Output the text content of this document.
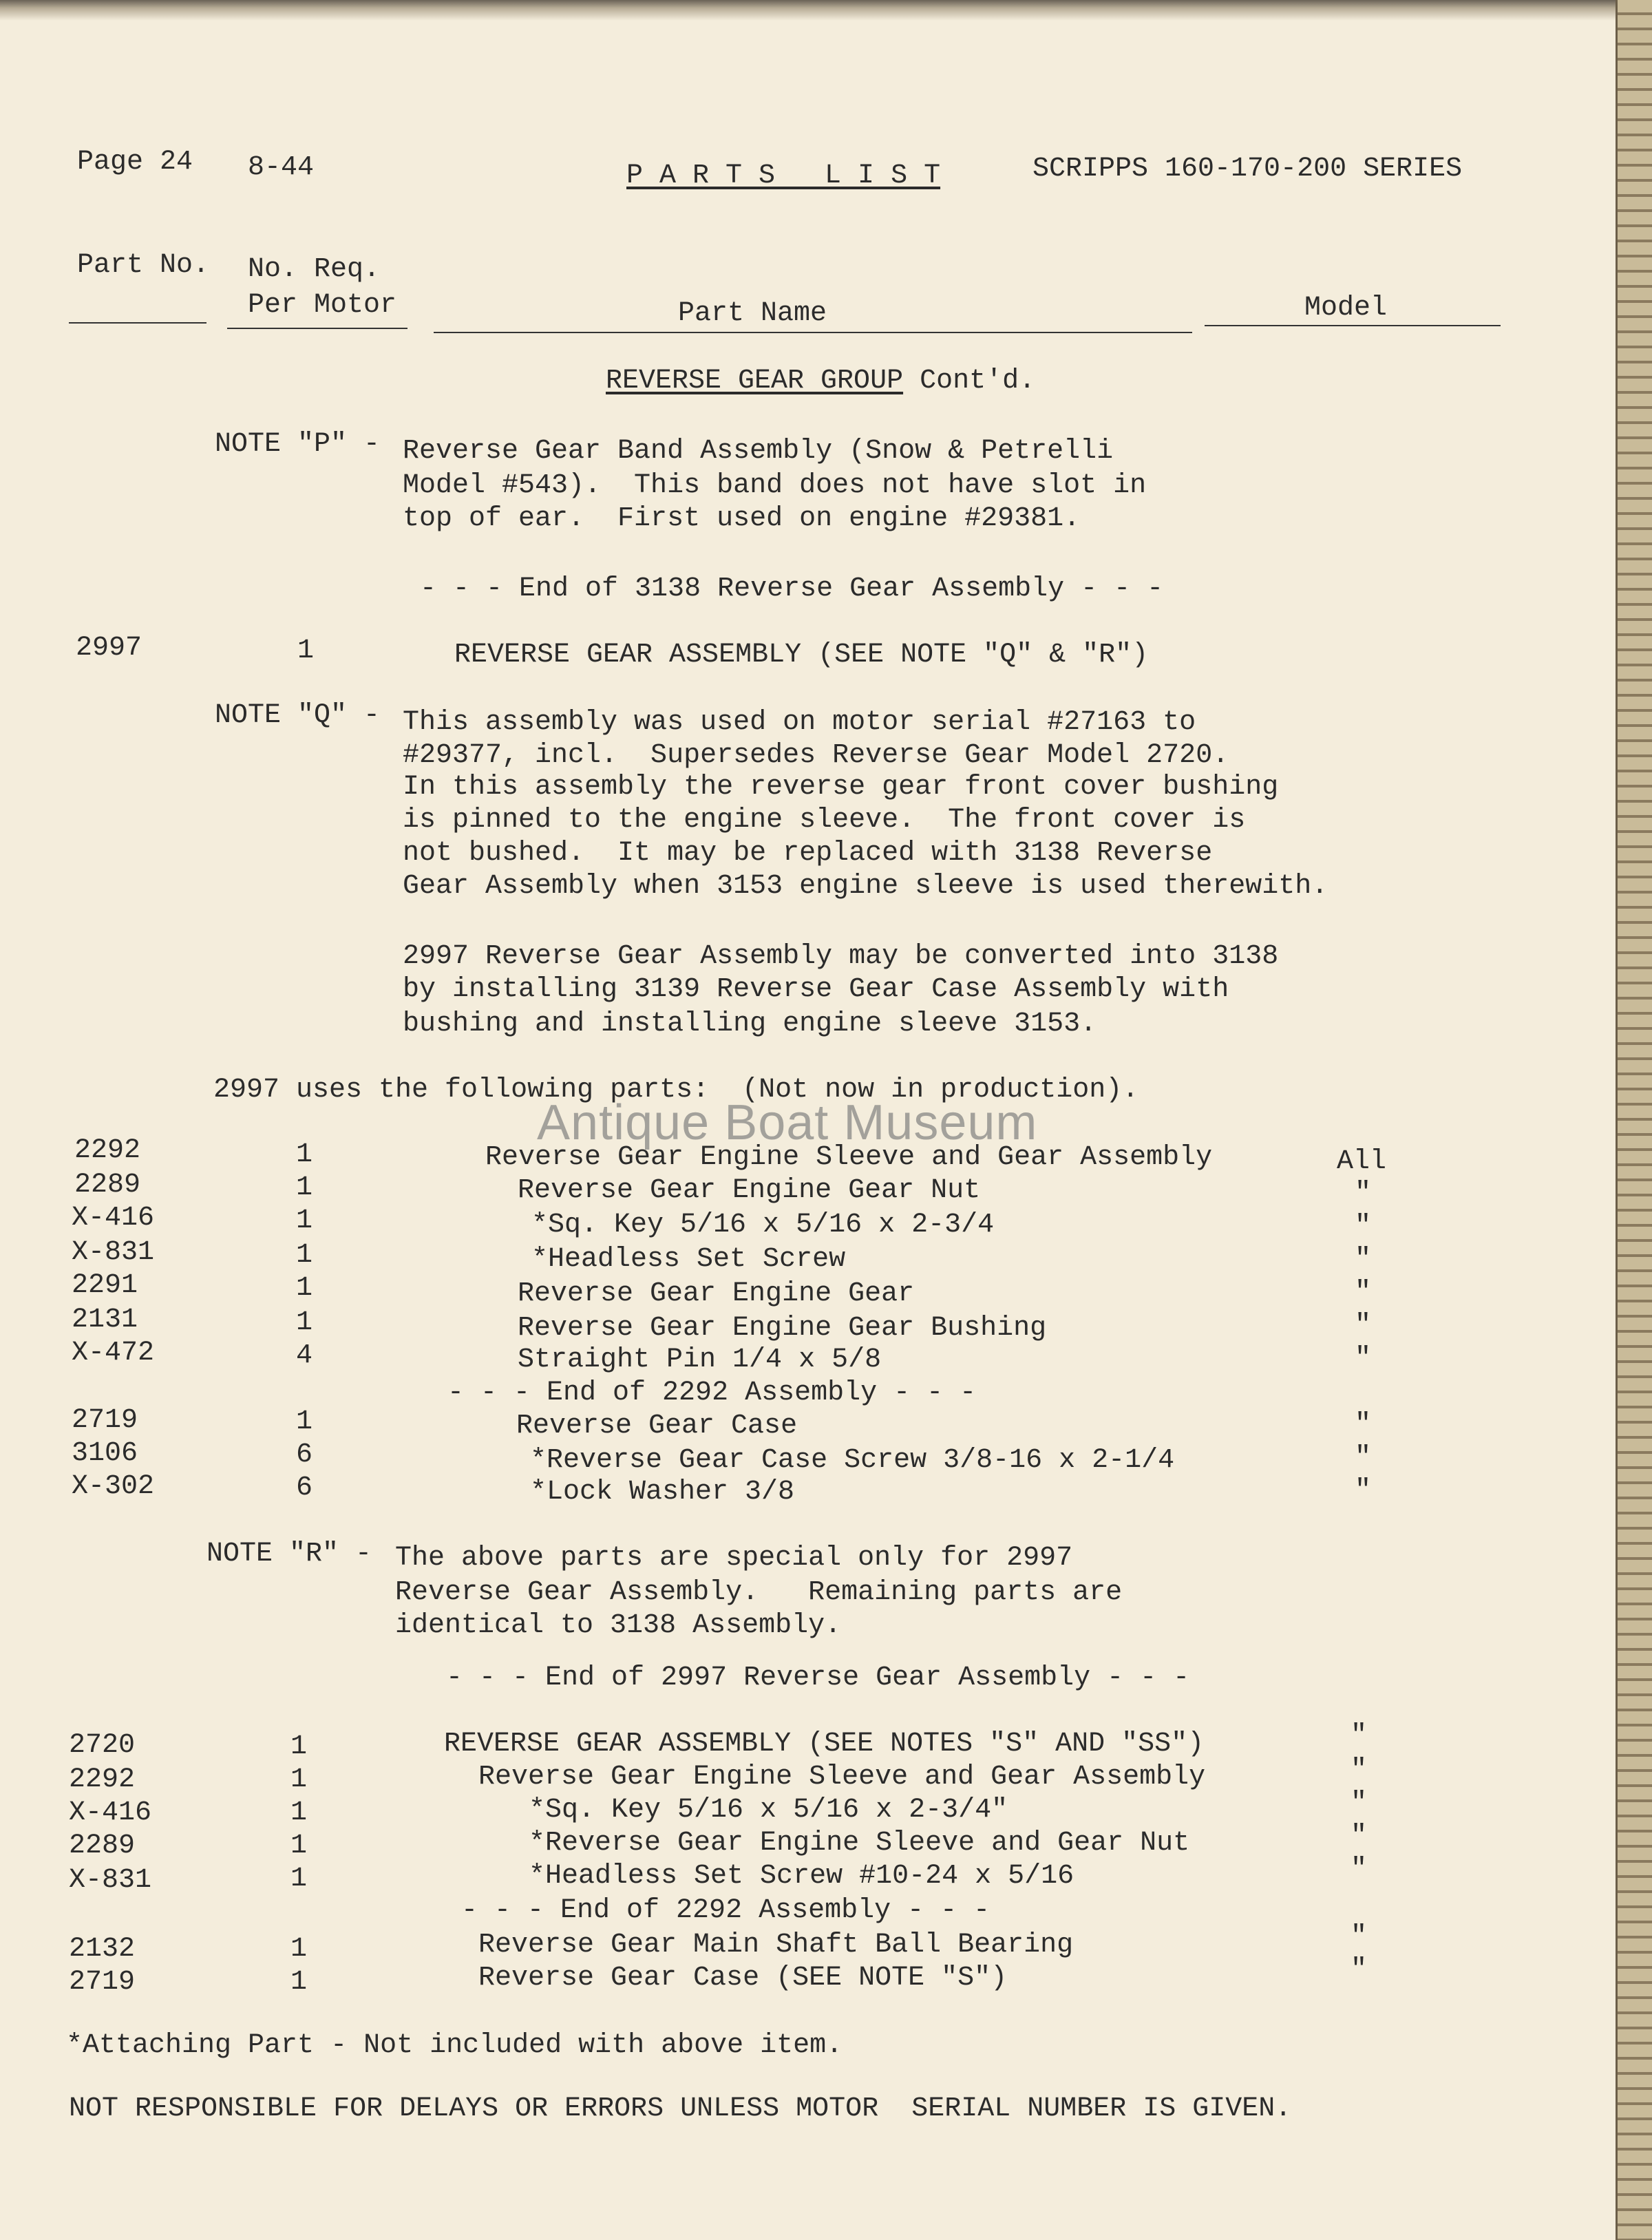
Page 24 8-44	P A R T S   L I S T	SCRIPPS 160-170-200 SERIES
Part No. No. Req.
Per Motor	Part Name	Model
REVERSE GEAR GROUP Cont'd.
NOTE "P" - Reverse Gear Band Assembly (Snow & Petrelli
Model #543).  This band does not have slot in
top of ear.  First used on engine #29381.
- - - End of 3138 Reverse Gear Assembly - - -
2997	1	REVERSE GEAR ASSEMBLY (SEE NOTE "Q" & "R")
NOTE "Q" - This assembly was used on motor serial #27163 to
#29377, incl.  Supersedes Reverse Gear Model 2720.
In this assembly the reverse gear front cover bushing
is pinned to the engine sleeve.  The front cover is
not bushed.  It may be replaced with 3138 Reverse
Gear Assembly when 3153 engine sleeve is used therewith.
2997 Reverse Gear Assembly may be converted into 3138
by installing 3139 Reverse Gear Case Assembly with
bushing and installing engine sleeve 3153.
2997 uses the following parts:  (Not now in production).
Antique Boat Museum
2292	1	Reverse Gear Engine Sleeve and Gear Assembly	All
2289	1	Reverse Gear Engine Gear Nut	"
X-416	1	*Sq. Key 5/16 x 5/16 x 2-3/4	"
X-831	1	*Headless Set Screw	"
2291	1	Reverse Gear Engine Gear	"
2131	1	Reverse Gear Engine Gear Bushing	"
X-472	4	Straight Pin 1/4 x 5/8	"
- - - End of 2292 Assembly - - -
2719	1	Reverse Gear Case	"
3106	6	*Reverse Gear Case Screw 3/8-16 x 2-1/4	"
X-302	6	*Lock Washer 3/8	"
NOTE "R" - The above parts are special only for 2997
Reverse Gear Assembly.   Remaining parts are
identical to 3138 Assembly.
- - - End of 2997 Reverse Gear Assembly - - -
2720	1	REVERSE GEAR ASSEMBLY (SEE NOTES "S" AND "SS")	"
2292	1	Reverse Gear Engine Sleeve and Gear Assembly	"
X-416	1	*Sq. Key 5/16 x 5/16 x 2-3/4"	"
2289	1	*Reverse Gear Engine Sleeve and Gear Nut	"
X-831	1	*Headless Set Screw #10-24 x 5/16	"
- - - End of 2292 Assembly - - -
2132	1	Reverse Gear Main Shaft Ball Bearing	"
2719	1	Reverse Gear Case (SEE NOTE "S")	"
*Attaching Part - Not included with above item.
NOT RESPONSIBLE FOR DELAYS OR ERRORS UNLESS MOTOR  SERIAL NUMBER IS GIVEN.
